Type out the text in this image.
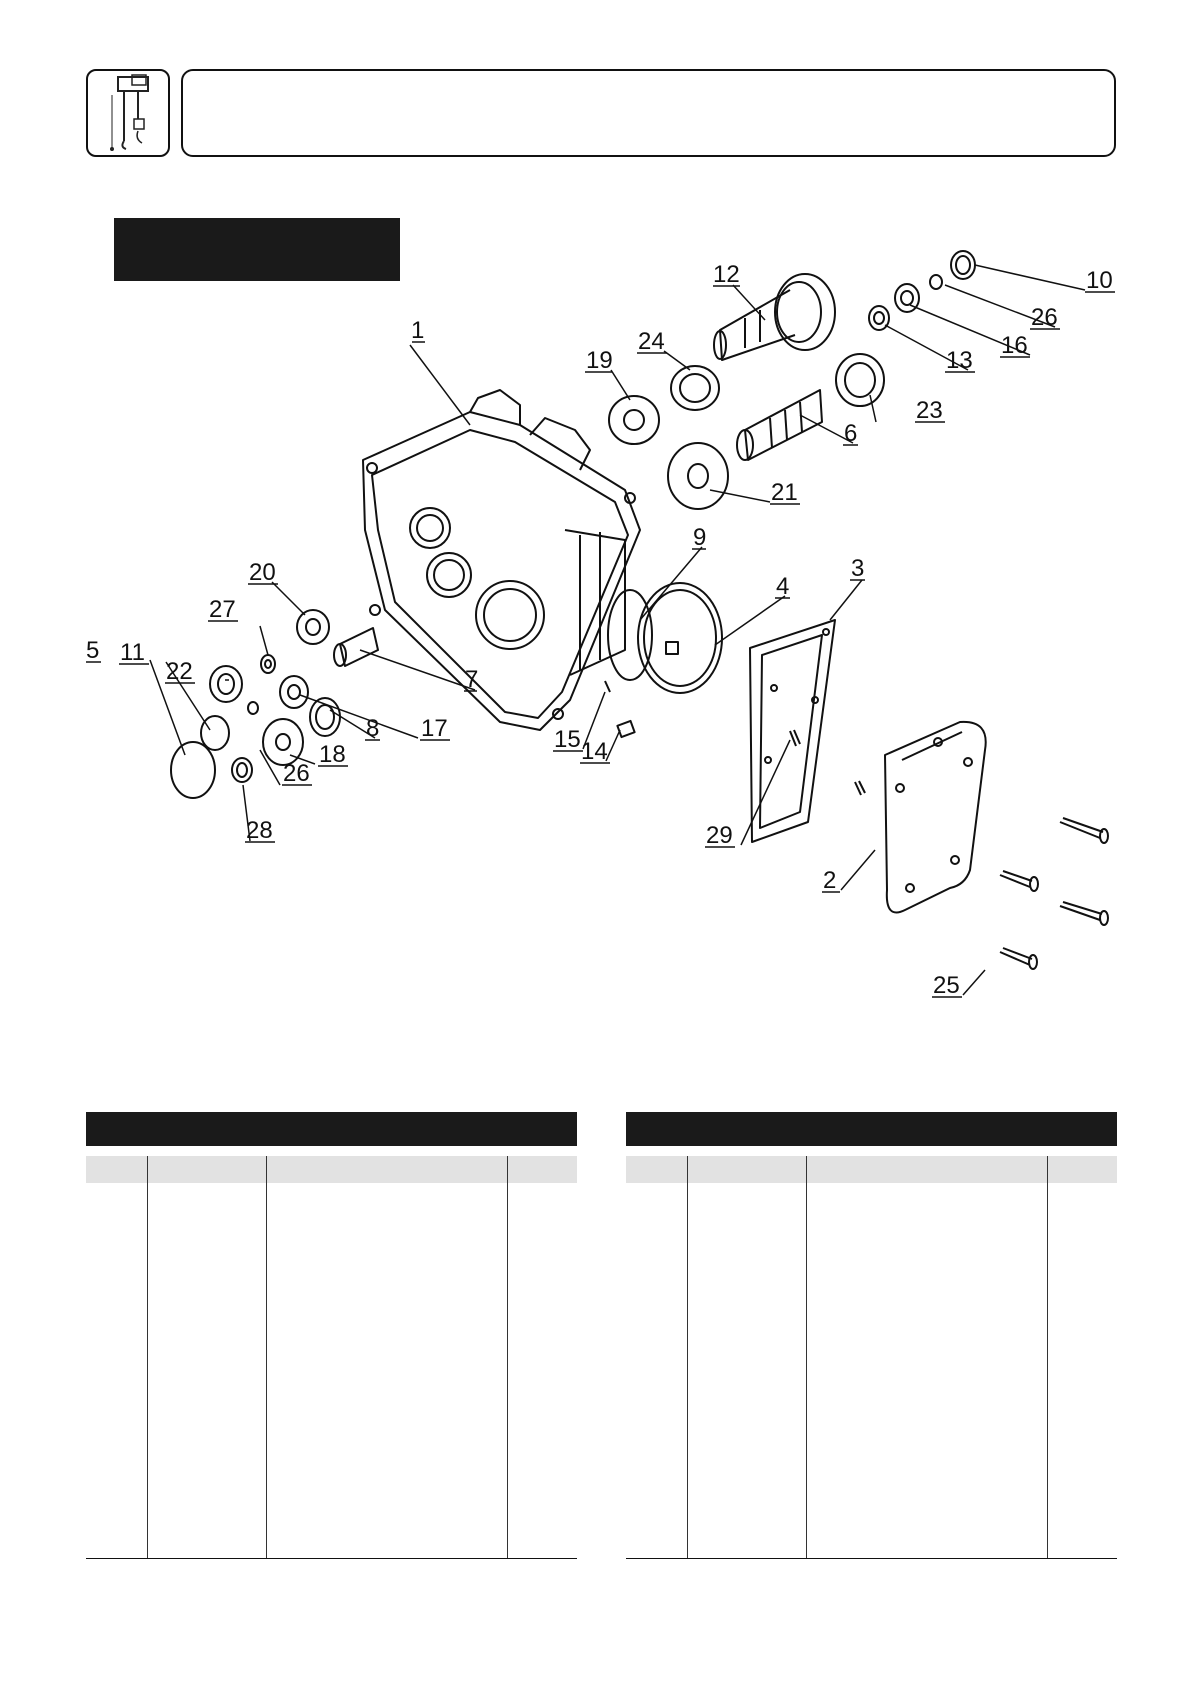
1
2
3
4
5
6
7
8
9
10
11
12
13
14
15
16
17
18
19
20
21
22
23
24
25
26
26
27
28	29
